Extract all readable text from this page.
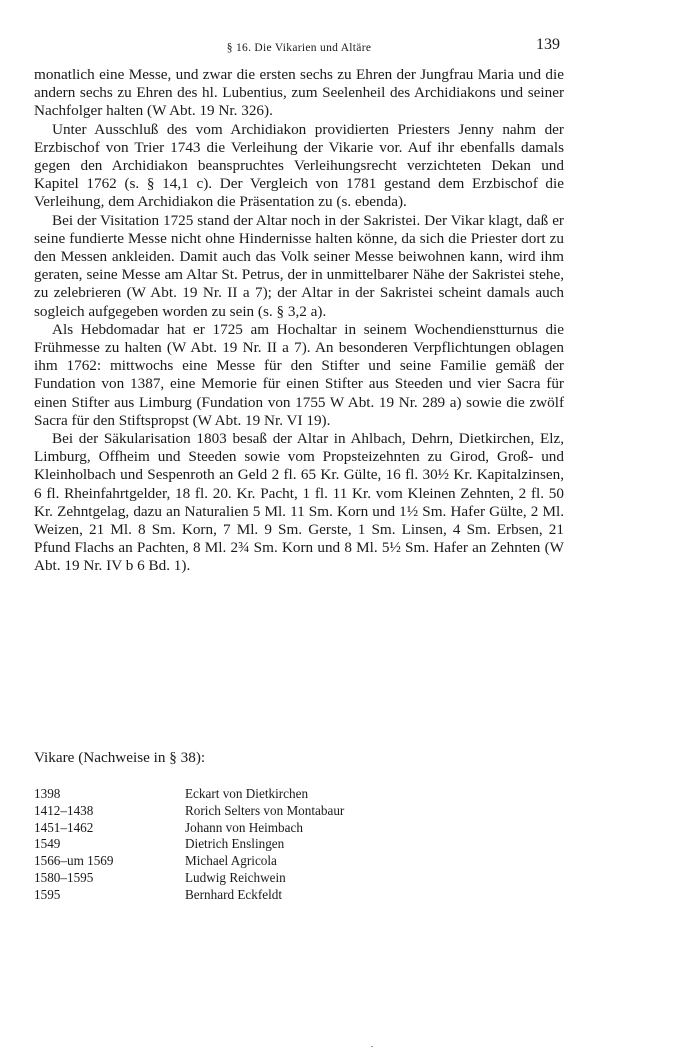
§ 16. Die Vikarien und Altäre	139

monatlich eine Messe, und zwar die ersten sechs zu Ehren der Jungfrau Maria und die andern sechs zu Ehren des hl. Lubentius, zum Seelenheil des Archidiakons und seiner Nachfolger halten (W Abt. 19 Nr. 326).

Unter Ausschluß des vom Archidiakon providierten Priesters Jenny nahm der Erzbischof von Trier 1743 die Verleihung der Vikarie vor. Auf ihr ebenfalls damals gegen den Archidiakon beanspruchtes Verleihungsrecht verzichteten Dekan und Kapitel 1762 (s. § 14,1 c). Der Vergleich von 1781 gestand dem Erzbischof die Verleihung, dem Archidiakon die Präsentation zu (s. ebenda).

Bei der Visitation 1725 stand der Altar noch in der Sakristei. Der Vikar klagt, daß er seine fundierte Messe nicht ohne Hindernisse halten könne, da sich die Priester dort zu den Messen ankleiden. Damit auch das Volk seiner Messe beiwohnen kann, wird ihm geraten, seine Messe am Altar St. Petrus, der in unmittelbarer Nähe der Sakristei stehe, zu zelebrieren (W Abt. 19 Nr. II a 7); der Altar in der Sakristei scheint damals auch sogleich aufgegeben worden zu sein (s. § 3,2 a).

Als Hebdomadar hat er 1725 am Hochaltar in seinem Wochendienstturnus die Frühmesse zu halten (W Abt. 19 Nr. II a 7). An besonderen Verpflichtungen oblagen ihm 1762: mittwochs eine Messe für den Stifter und seine Familie gemäß der Fundation von 1387, eine Memorie für einen Stifter aus Steeden und vier Sacra für einen Stifter aus Limburg (Fundation von 1755 W Abt. 19 Nr. 289 a) sowie die zwölf Sacra für den Stiftspropst (W Abt. 19 Nr. VI 19).

Bei der Säkularisation 1803 besaß der Altar in Ahlbach, Dehrn, Dietkirchen, Elz, Limburg, Offheim und Steeden sowie vom Propsteizehnten zu Girod, Groß- und Kleinholbach und Sespenroth an Geld 2 fl. 65 Kr. Gülte, 16 fl. 30½ Kr. Kapitalzinsen, 6 fl. Rheinfahrtgelder, 18 fl. 20. Kr. Pacht, 1 fl. 11 Kr. vom Kleinen Zehnten, 2 fl. 50 Kr. Zehntgelag, dazu an Naturalien 5 Ml. 11 Sm. Korn und 1½ Sm. Hafer Gülte, 2 Ml. Weizen, 21 Ml. 8 Sm. Korn, 7 Ml. 9 Sm. Gerste, 1 Sm. Linsen, 4 Sm. Erbsen, 21 Pfund Flachs an Pachten, 8 Ml. 2¾ Sm. Korn und 8 Ml. 5½ Sm. Hafer an Zehnten (W Abt. 19 Nr. IV b 6 Bd. 1).

Vikare (Nachweise in § 38):

1398	Eckart von Dietkirchen
1412–1438	Rorich Selters von Montabaur
1451–1462	Johann von Heimbach
1549	Dietrich Enslingen
1566–um 1569	Michael Agricola
1580–1595	Ludwig Reichwein
1595	Bernhard Eckfeldt
